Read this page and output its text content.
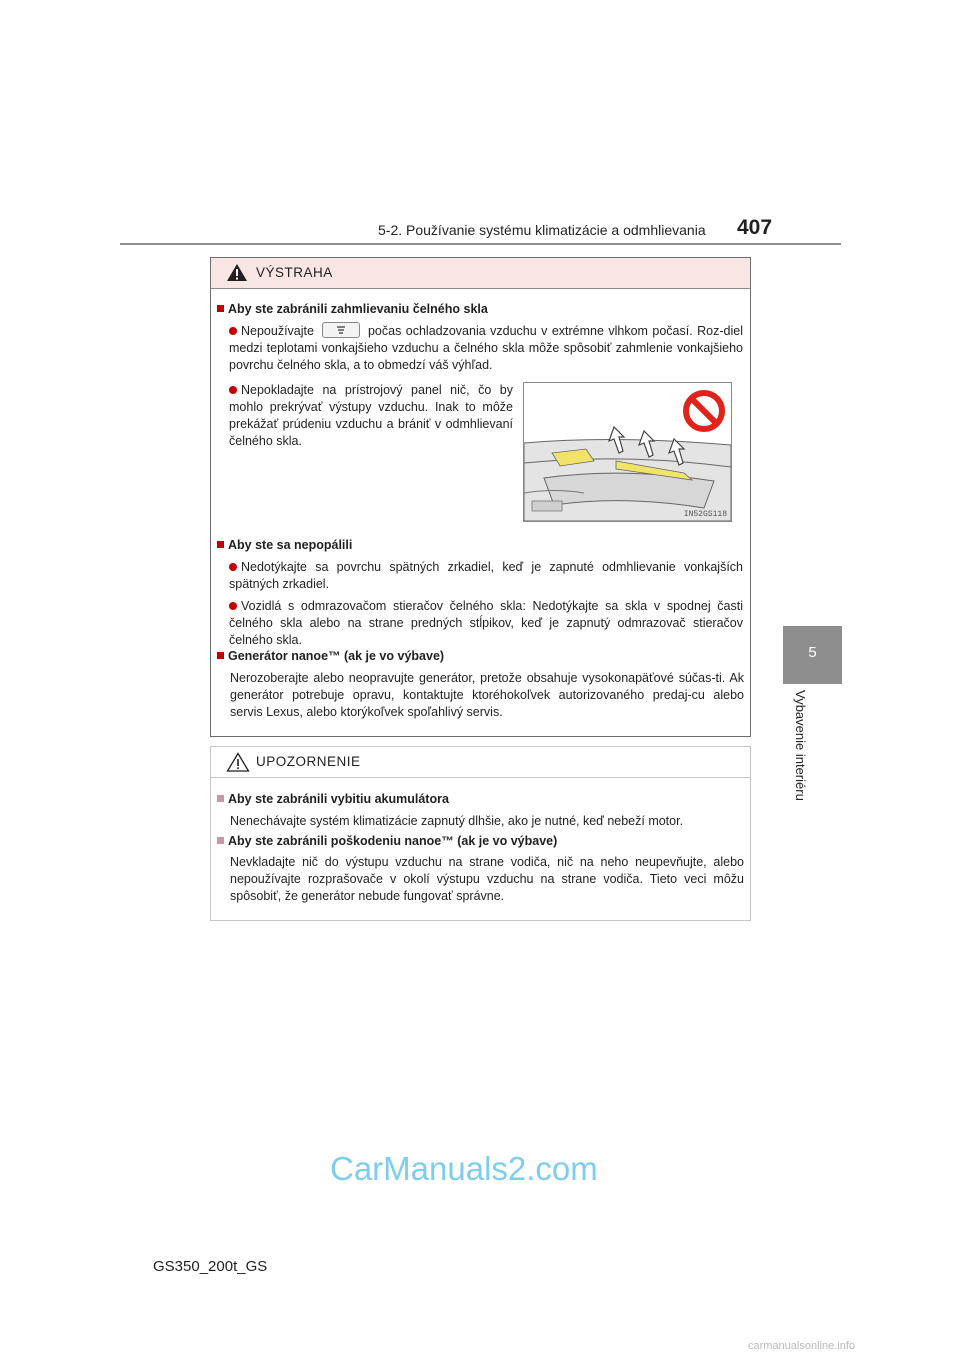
5-2. Používanie systému klimatizácie a odmhlievania 407
5
Vybavenie interiéru
VÝSTRAHA
Aby ste zabránili zahmlievaniu čelného skla
Nepoužívajte	počas ochladzovania vzduchu v extrémne vlhkom počasí. Roz-diel medzi teplotami vonkajšieho vzduchu a čelného skla môže spôsobiť zahmlenie vonkajšieho povrchu čelného skla, a to obmedzí váš výhľad.
Nepokladajte na prístrojový panel nič, čo by mohlo prekrývať výstupy vzduchu. Inak to môže prekážať prúdeniu vzduchu a brániť v odmhlievaní čelného skla.
Aby ste sa nepopálili
Nedotýkajte sa povrchu spätných zrkadiel, keď je zapnuté odmhlievanie vonkajších spätných zrkadiel.
Vozidlá s odmrazovačom stieračov čelného skla: Nedotýkajte sa skla v spodnej časti čelného skla alebo na strane predných stĺpikov, keď je zapnutý odmrazovač stieračov čelného skla.
Generátor nanoe™ (ak je vo výbave)
Nerozoberajte alebo neopravujte generátor, pretože obsahuje vysokonapäťové súčas-ti. Ak generátor potrebuje opravu, kontaktujte ktoréhokoľvek autorizovaného predaj-cu alebo servis Lexus, alebo ktorýkoľvek spoľahlivý servis.
IN52GS118
UPOZORNENIE
Aby ste zabránili vybitiu akumulátora
Nenechávajte systém klimatizácie zapnutý dlhšie, ako je nutné, keď nebeží motor.
Aby ste zabránili poškodeniu nanoe™ (ak je vo výbave)
Nevkladajte nič do výstupu vzduchu na strane vodiča, nič na neho neupevňujte, alebo nepoužívajte rozprašovače v okolí výstupu vzduchu na strane vodiča. Tieto veci môžu spôsobiť, že generátor nebude fungovať správne.
CarManuals2.com
GS350_200t_GS
carmanualsonline.info
